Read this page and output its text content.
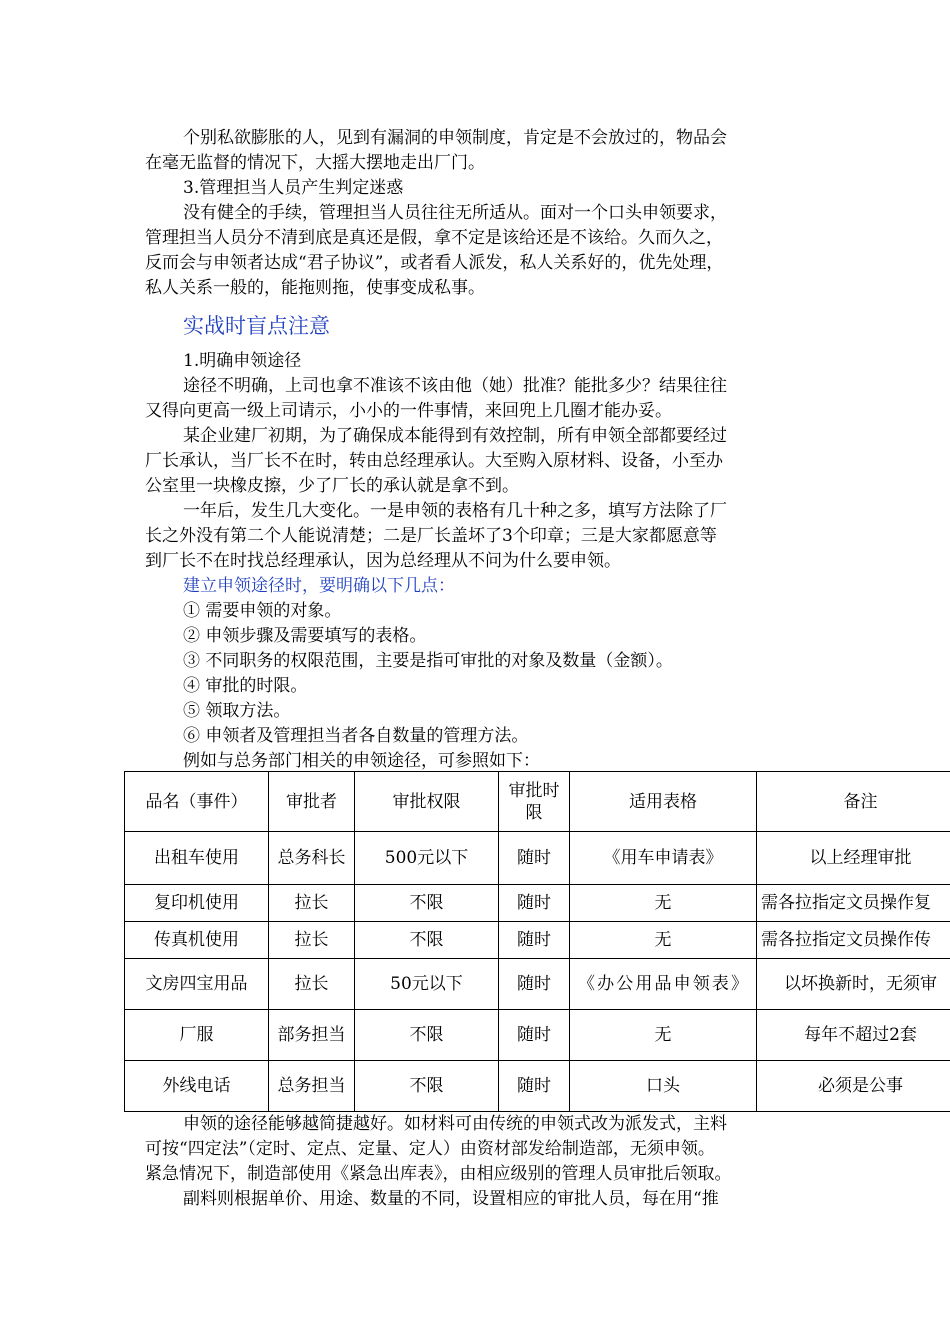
个别私欲膨胀的人，见到有漏洞的申领制度，肯定是不会放过的，物品会
在毫无监督的情况下，大摇大摆地走出厂门。
3.管理担当人员产生判定迷惑
没有健全的手续，管理担当人员往往无所适从。面对一个口头申领要求，
管理担当人员分不清到底是真还是假，拿不定是该给还是不该给。久而久之，
反而会与申领者达成“君子协议”，或者看人派发，私人关系好的，优先处理，
私人关系一般的，能拖则拖，使事变成私事。
实战时盲点注意
1.明确申领途径
途径不明确，上司也拿不准该不该由他（她）批准？能批多少？结果往往
又得向更高一级上司请示，小小的一件事情，来回兜上几圈才能办妥。
某企业建厂初期，为了确保成本能得到有效控制，所有申领全部都要经过
厂长承认，当厂长不在时，转由总经理承认。大至购入原材料、设备，小至办
公室里一块橡皮擦，少了厂长的承认就是拿不到。
一年后，发生几大变化。一是申领的表格有几十种之多，填写方法除了厂
长之外没有第二个人能说清楚；二是厂长盖坏了3个印章；三是大家都愿意等
到厂长不在时找总经理承认，因为总经理从不问为什么要申领。
建立申领途径时，要明确以下几点：
① 需要申领的对象。
② 申领步骤及需要填写的表格。
③ 不同职务的权限范围，主要是指可审批的对象及数量（金额）。
④ 审批的时限。
⑤ 领取方法。
⑥ 申领者及管理担当者各自数量的管理方法。
例如与总务部门相关的申领途径，可参照如下：
品名（事件）	审批者	审批权限	审批时限	适用表格	备注
出租车使用	总务科长	500元以下	随时	《用车申请表》	以上经理审批
复印机使用	拉长	不限	随时	无	需各拉指定文员操作复
传真机使用	拉长	不限	随时	无	需各拉指定文员操作传
文房四宝用品	拉长	50元以下	随时	《办公用品申领表》	以坏换新时，无须审
厂服	部务担当	不限	随时	无	每年不超过2套
外线电话	总务担当	不限	随时	口头	必须是公事
申领的途径能够越简捷越好。如材料可由传统的申领式改为派发式，主料
可按“四定法”（定时、定点、定量、定人）由资材部发给制造部，无须申领。
紧急情况下，制造部使用《紧急出库表》，由相应级别的管理人员审批后领取。
副料则根据单价、用途、数量的不同，设置相应的审批人员，每在用“推
